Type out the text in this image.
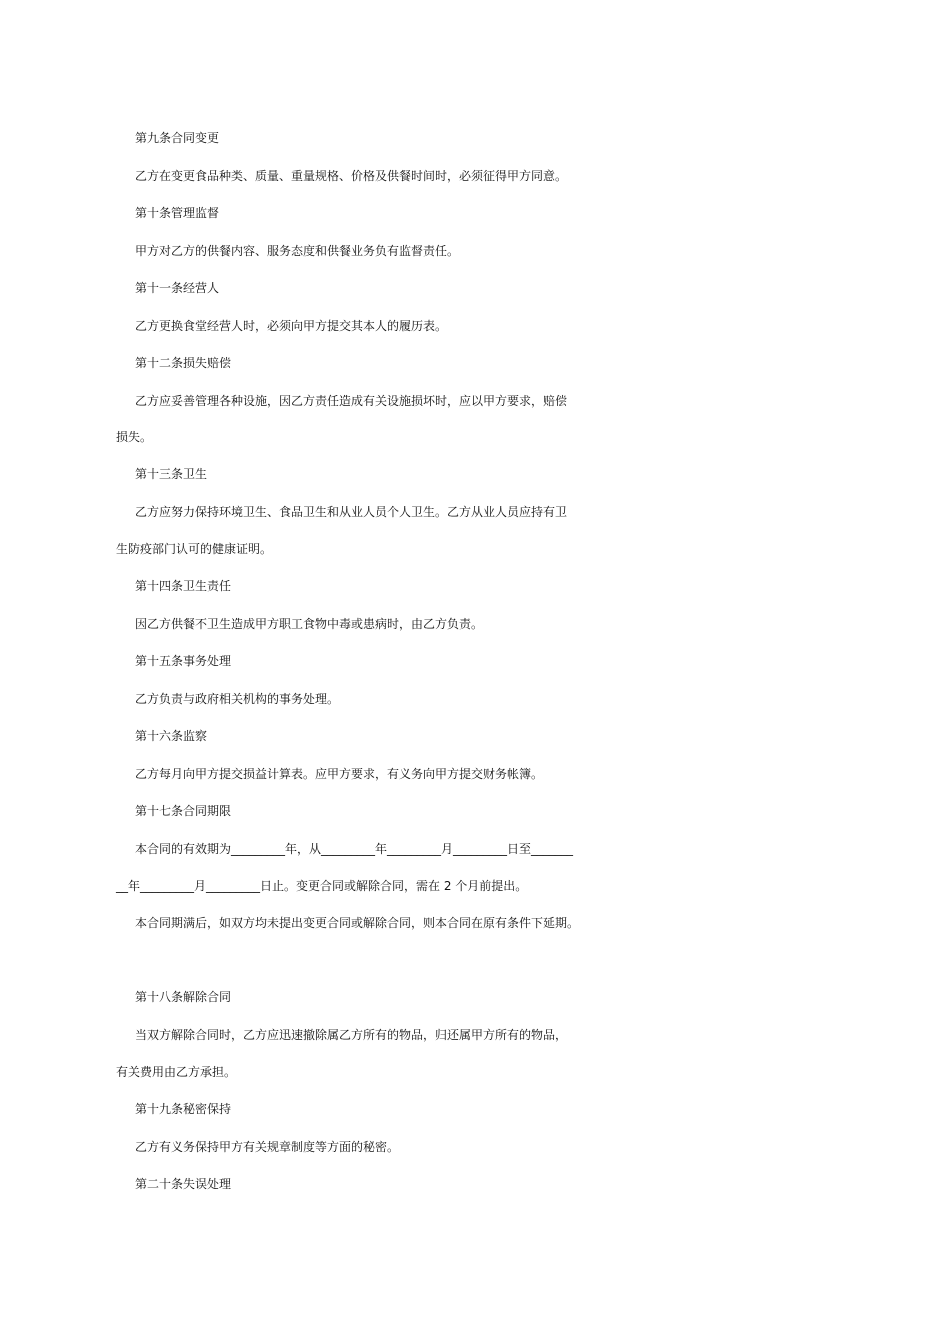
第九条合同变更
乙方在变更食品种类、质量、重量规格、价格及供餐时间时，必须征得甲方同意。
第十条管理监督
甲方对乙方的供餐内容、服务态度和供餐业务负有监督责任。
第十一条经营人
乙方更换食堂经营人时，必须向甲方提交其本人的履历表。
第十二条损失赔偿
乙方应妥善管理各种设施，因乙方责任造成有关设施损坏时，应以甲方要求，赔偿
损失。
第十三条卫生
乙方应努力保持环境卫生、食品卫生和从业人员个人卫生。乙方从业人员应持有卫
生防疫部门认可的健康证明。
第十四条卫生责任
因乙方供餐不卫生造成甲方职工食物中毒或患病时，由乙方负责。
第十五条事务处理
乙方负责与政府相关机构的事务处理。
第十六条监察
乙方每月向甲方提交损益计算表。应甲方要求，有义务向甲方提交财务帐簿。
第十七条合同期限
本合同的有效期为_________年，从_________年_________月_________日至_______
__年_________月_________日止。变更合同或解除合同，需在 2 个月前提出。
本合同期满后，如双方均未提出变更合同或解除合同，则本合同在原有条件下延期。
第十八条解除合同
当双方解除合同时，乙方应迅速撤除属乙方所有的物品，归还属甲方所有的物品，
有关费用由乙方承担。
第十九条秘密保持
乙方有义务保持甲方有关规章制度等方面的秘密。
第二十条失误处理
